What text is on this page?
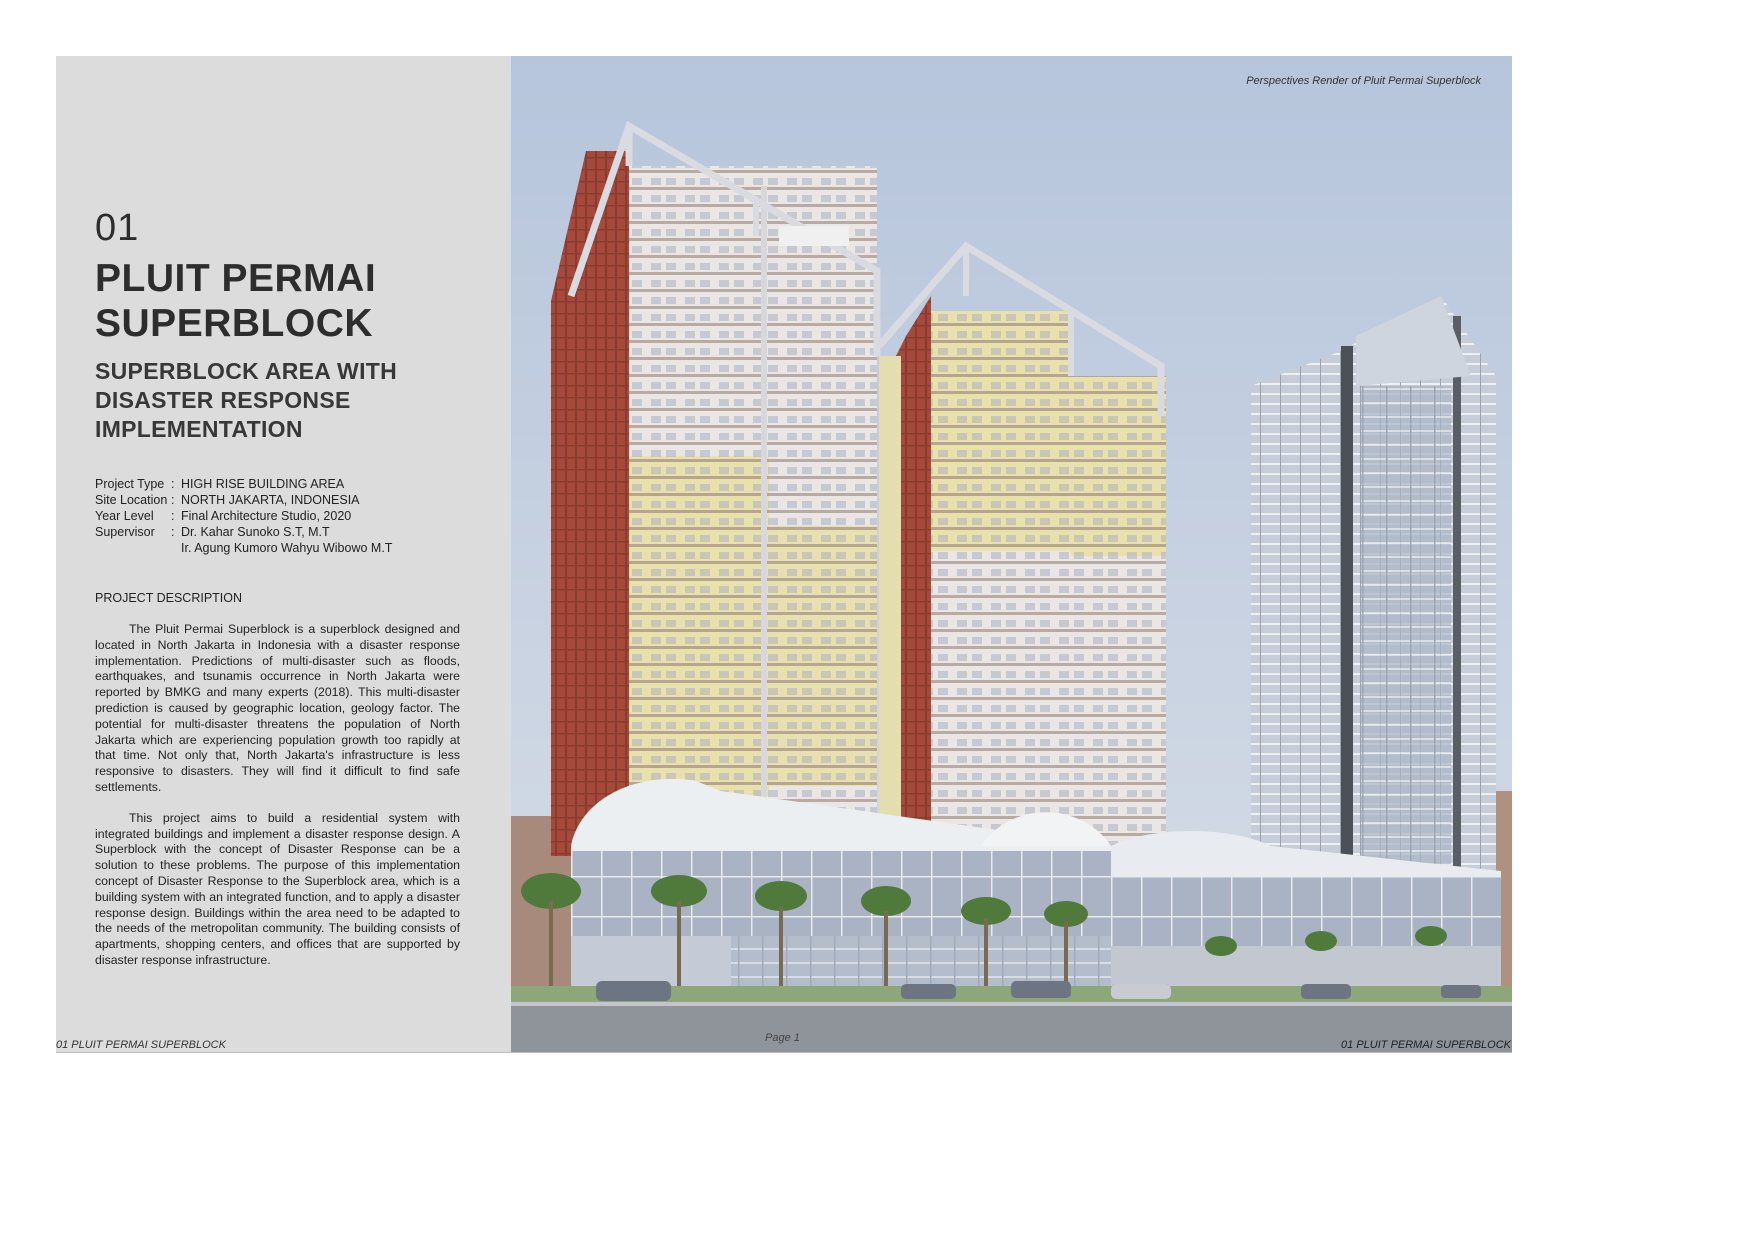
01
PLUIT PERMAI
SUPERBLOCK
SUPERBLOCK AREA WITH
DISASTER RESPONSE
IMPLEMENTATION
Project Type : HIGH RISE BUILDING AREA
Site Location : NORTH JAKARTA, INDONESIA
Year Level	: Final Architecture Studio, 2020
Supervisor	: Dr. Kahar Sunoko S.T, M.T
Ir. Agung Kumoro Wahyu Wibowo M.T
PROJECT DESCRIPTION

The Pluit Permai Superblock is a superblock designed and located in North Jakarta in Indonesia with a disaster response implementation. Predictions of multi-disaster such as floods, earthquakes, and tsunamis occurrence in North Jakarta were reported by BMKG and many experts (2018). This multi-disaster prediction is caused by geographic location, geology factor. The potential for multi-disaster threatens the population of North Jakarta which are experiencing population growth too rapidly at that time. Not only that, North Jakarta's infrastructure is less responsive to disasters. They will find it difficult to find safe settlements.

This project aims to build a residential system with integrated buildings and implement a disaster response design. A Superblock with the concept of Disaster Response can be a solution to these problems. The purpose of this implementation concept of Disaster Response to the Superblock area, which is a building system with an integrated function, and to apply a disaster response design. Buildings within the area need to be adapted to the needs of the metropolitan community. The building consists of apartments, shopping centers, and offices that are supported by disaster response infrastructure.

Perspectives Render of Pluit Permai Superblock
01 PLUIT PERMAI SUPERBLOCK
Page 1
01 PLUIT PERMAI SUPERBLOCK
